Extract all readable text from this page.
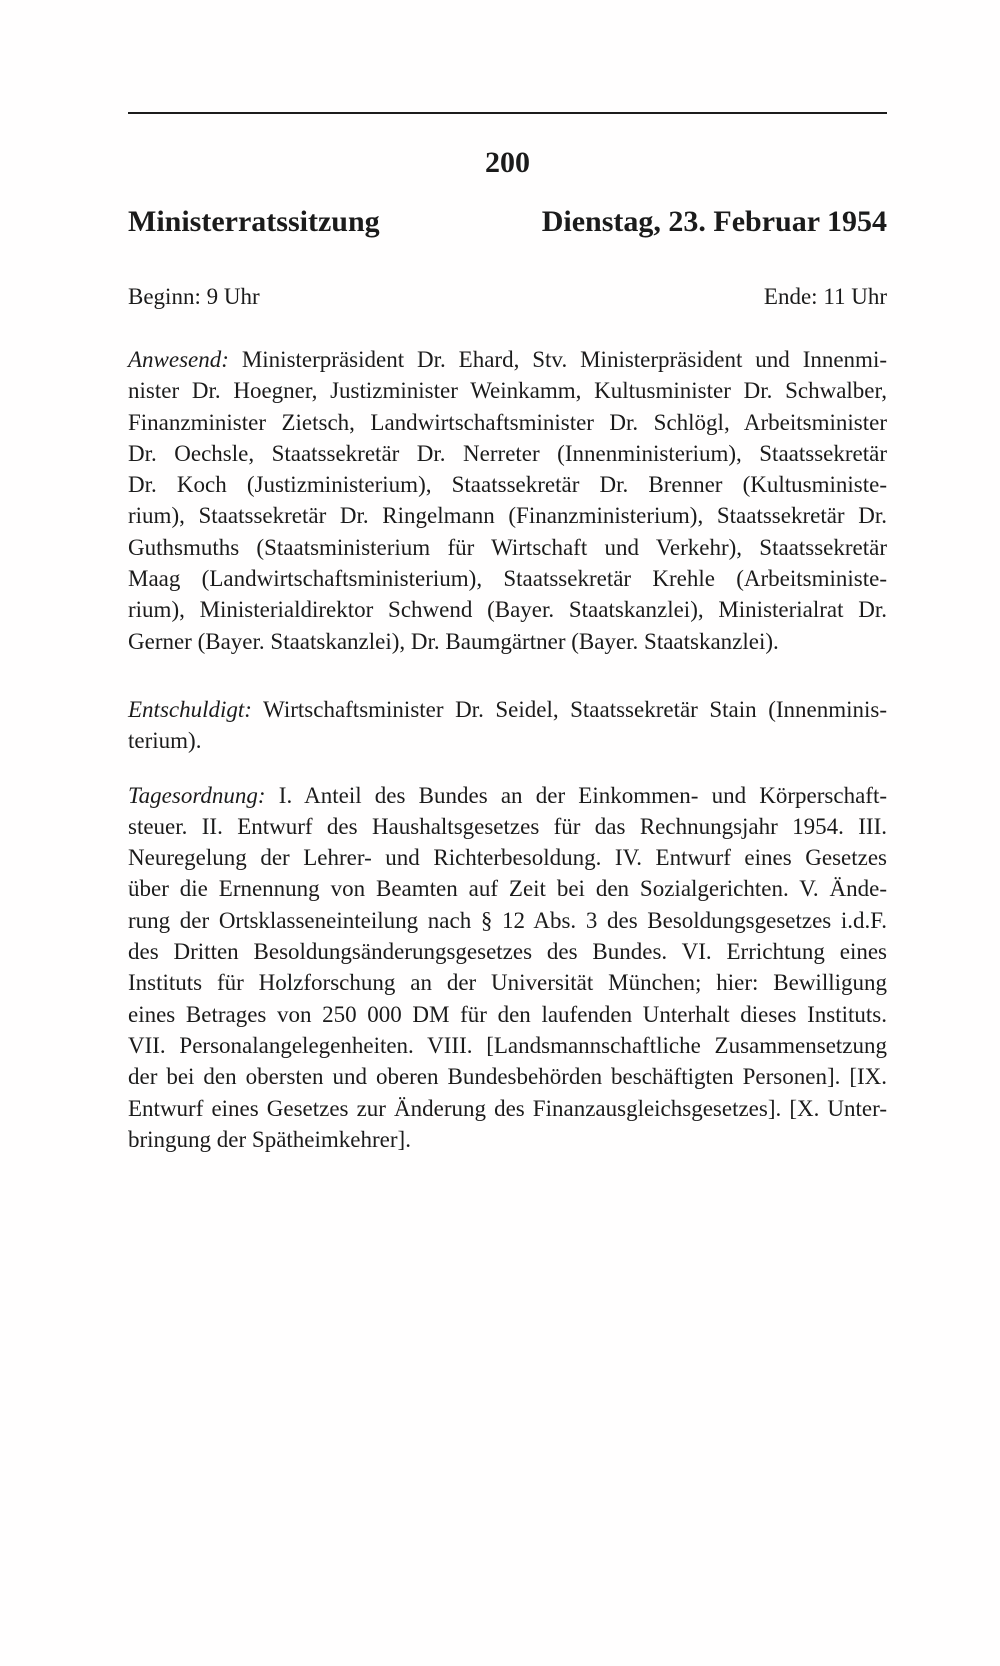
200
Ministerratssitzung	Dienstag, 23. Februar 1954
Beginn: 9 Uhr	Ende: 11 Uhr
Anwesend: Ministerpräsident Dr. Ehard, Stv. Ministerpräsident und Innenmi-
nister Dr. Hoegner, Justizminister Weinkamm, Kultusminister Dr. Schwalber,
Finanzminister Zietsch, Landwirtschaftsminister Dr. Schlögl, Arbeitsminister
Dr. Oechsle, Staatssekretär Dr. Nerreter (Innenministerium), Staatssekretär
Dr. Koch (Justizministerium), Staatssekretär Dr. Brenner (Kultusministe-
rium), Staatssekretär Dr. Ringelmann (Finanzministerium), Staatssekretär Dr.
Guthsmuths (Staatsministerium für Wirtschaft und Verkehr), Staatssekretär
Maag (Landwirtschaftsministerium), Staatssekretär Krehle (Arbeitsministe-
rium), Ministerialdirektor Schwend (Bayer. Staatskanzlei), Ministerialrat Dr.
Gerner (Bayer. Staatskanzlei), Dr. Baumgärtner (Bayer. Staatskanzlei).
Entschuldigt: Wirtschaftsminister Dr. Seidel, Staatssekretär Stain (Innenminis-
terium).
Tagesordnung: I. Anteil des Bundes an der Einkommen- und Körperschaft-
steuer. II. Entwurf des Haushaltsgesetzes für das Rechnungsjahr 1954. III.
Neuregelung der Lehrer- und Richterbesoldung. IV. Entwurf eines Gesetzes
über die Ernennung von Beamten auf Zeit bei den Sozialgerichten. V. Ände-
rung der Ortsklasseneinteilung nach § 12 Abs. 3 des Besoldungsgesetzes i.d.F.
des Dritten Besoldungsänderungsgesetzes des Bundes. VI. Errichtung eines
Instituts für Holzforschung an der Universität München; hier: Bewilligung
eines Betrages von 250 000 DM für den laufenden Unterhalt dieses Instituts.
VII. Personalangelegenheiten. VIII. [Landsmannschaftliche Zusammensetzung
der bei den obersten und oberen Bundesbehörden beschäftigten Personen]. [IX.
Entwurf eines Gesetzes zur Änderung des Finanzausgleichsgesetzes]. [X. Unter-
bringung der Spätheimkehrer].
